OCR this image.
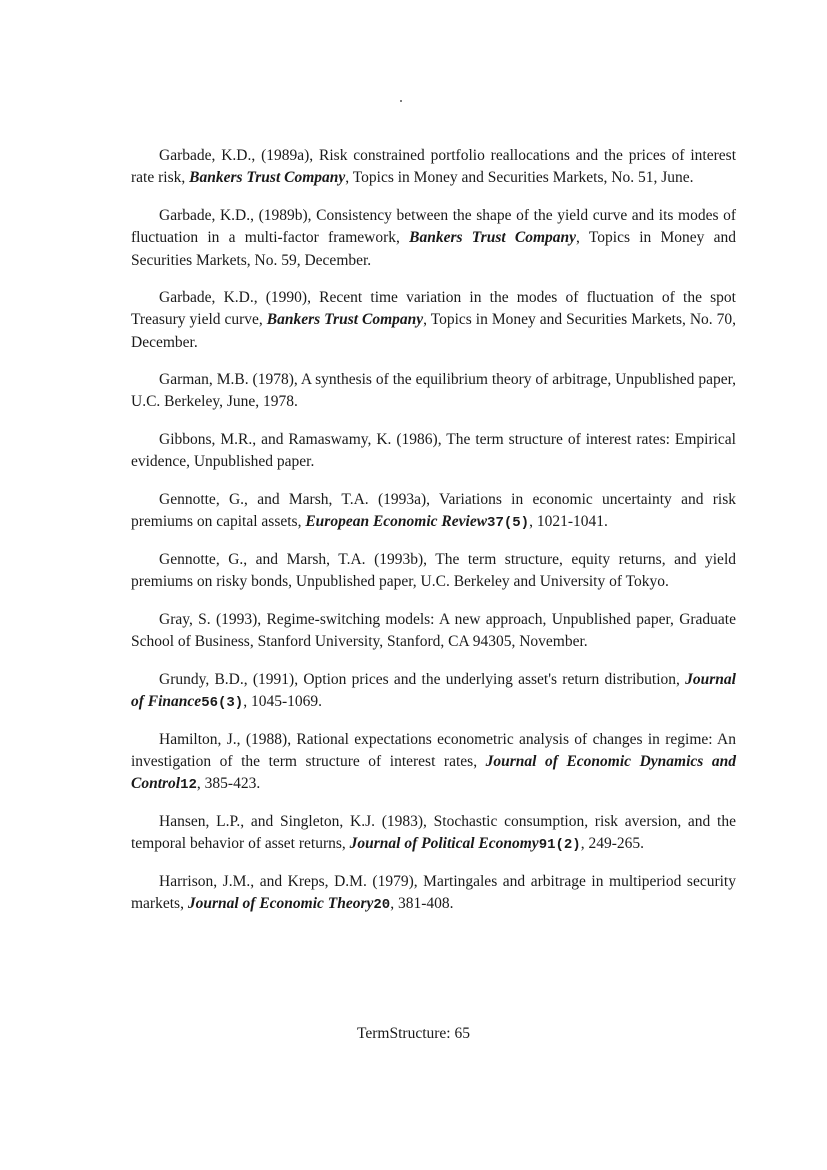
Garbade, K.D., (1989a), Risk constrained portfolio reallocations and the prices of interest rate risk, Bankers Trust Company, Topics in Money and Securities Markets, No. 51, June.
Garbade, K.D., (1989b), Consistency between the shape of the yield curve and its modes of fluctuation in a multi-factor framework, Bankers Trust Company, Topics in Money and Securities Markets, No. 59, December.
Garbade, K.D., (1990), Recent time variation in the modes of fluctuation of the spot Treasury yield curve, Bankers Trust Company, Topics in Money and Securities Markets, No. 70, December.
Garman, M.B. (1978), A synthesis of the equilibrium theory of arbitrage, Unpublished paper, U.C. Berkeley, June, 1978.
Gibbons, M.R., and Ramaswamy, K. (1986), The term structure of interest rates: Empirical evidence, Unpublished paper.
Gennotte, G., and Marsh, T.A. (1993a), Variations in economic uncertainty and risk premiums on capital assets, European Economic Review37(5), 1021-1041.
Gennotte, G., and Marsh, T.A. (1993b), The term structure, equity returns, and yield premiums on risky bonds, Unpublished paper, U.C. Berkeley and University of Tokyo.
Gray, S. (1993), Regime-switching models: A new approach, Unpublished paper, Graduate School of Business, Stanford University, Stanford, CA 94305, November.
Grundy, B.D., (1991), Option prices and the underlying asset's return distribution, Journal of Finance56(3), 1045-1069.
Hamilton, J., (1988), Rational expectations econometric analysis of changes in regime: An investigation of the term structure of interest rates, Journal of Economic Dynamics and Control12, 385-423.
Hansen, L.P., and Singleton, K.J. (1983), Stochastic consumption, risk aversion, and the temporal behavior of asset returns, Journal of Political Economy91(2), 249-265.
Harrison, J.M., and Kreps, D.M. (1979), Martingales and arbitrage in multiperiod security markets, Journal of Economic Theory20, 381-408.
TermStructure: 65
